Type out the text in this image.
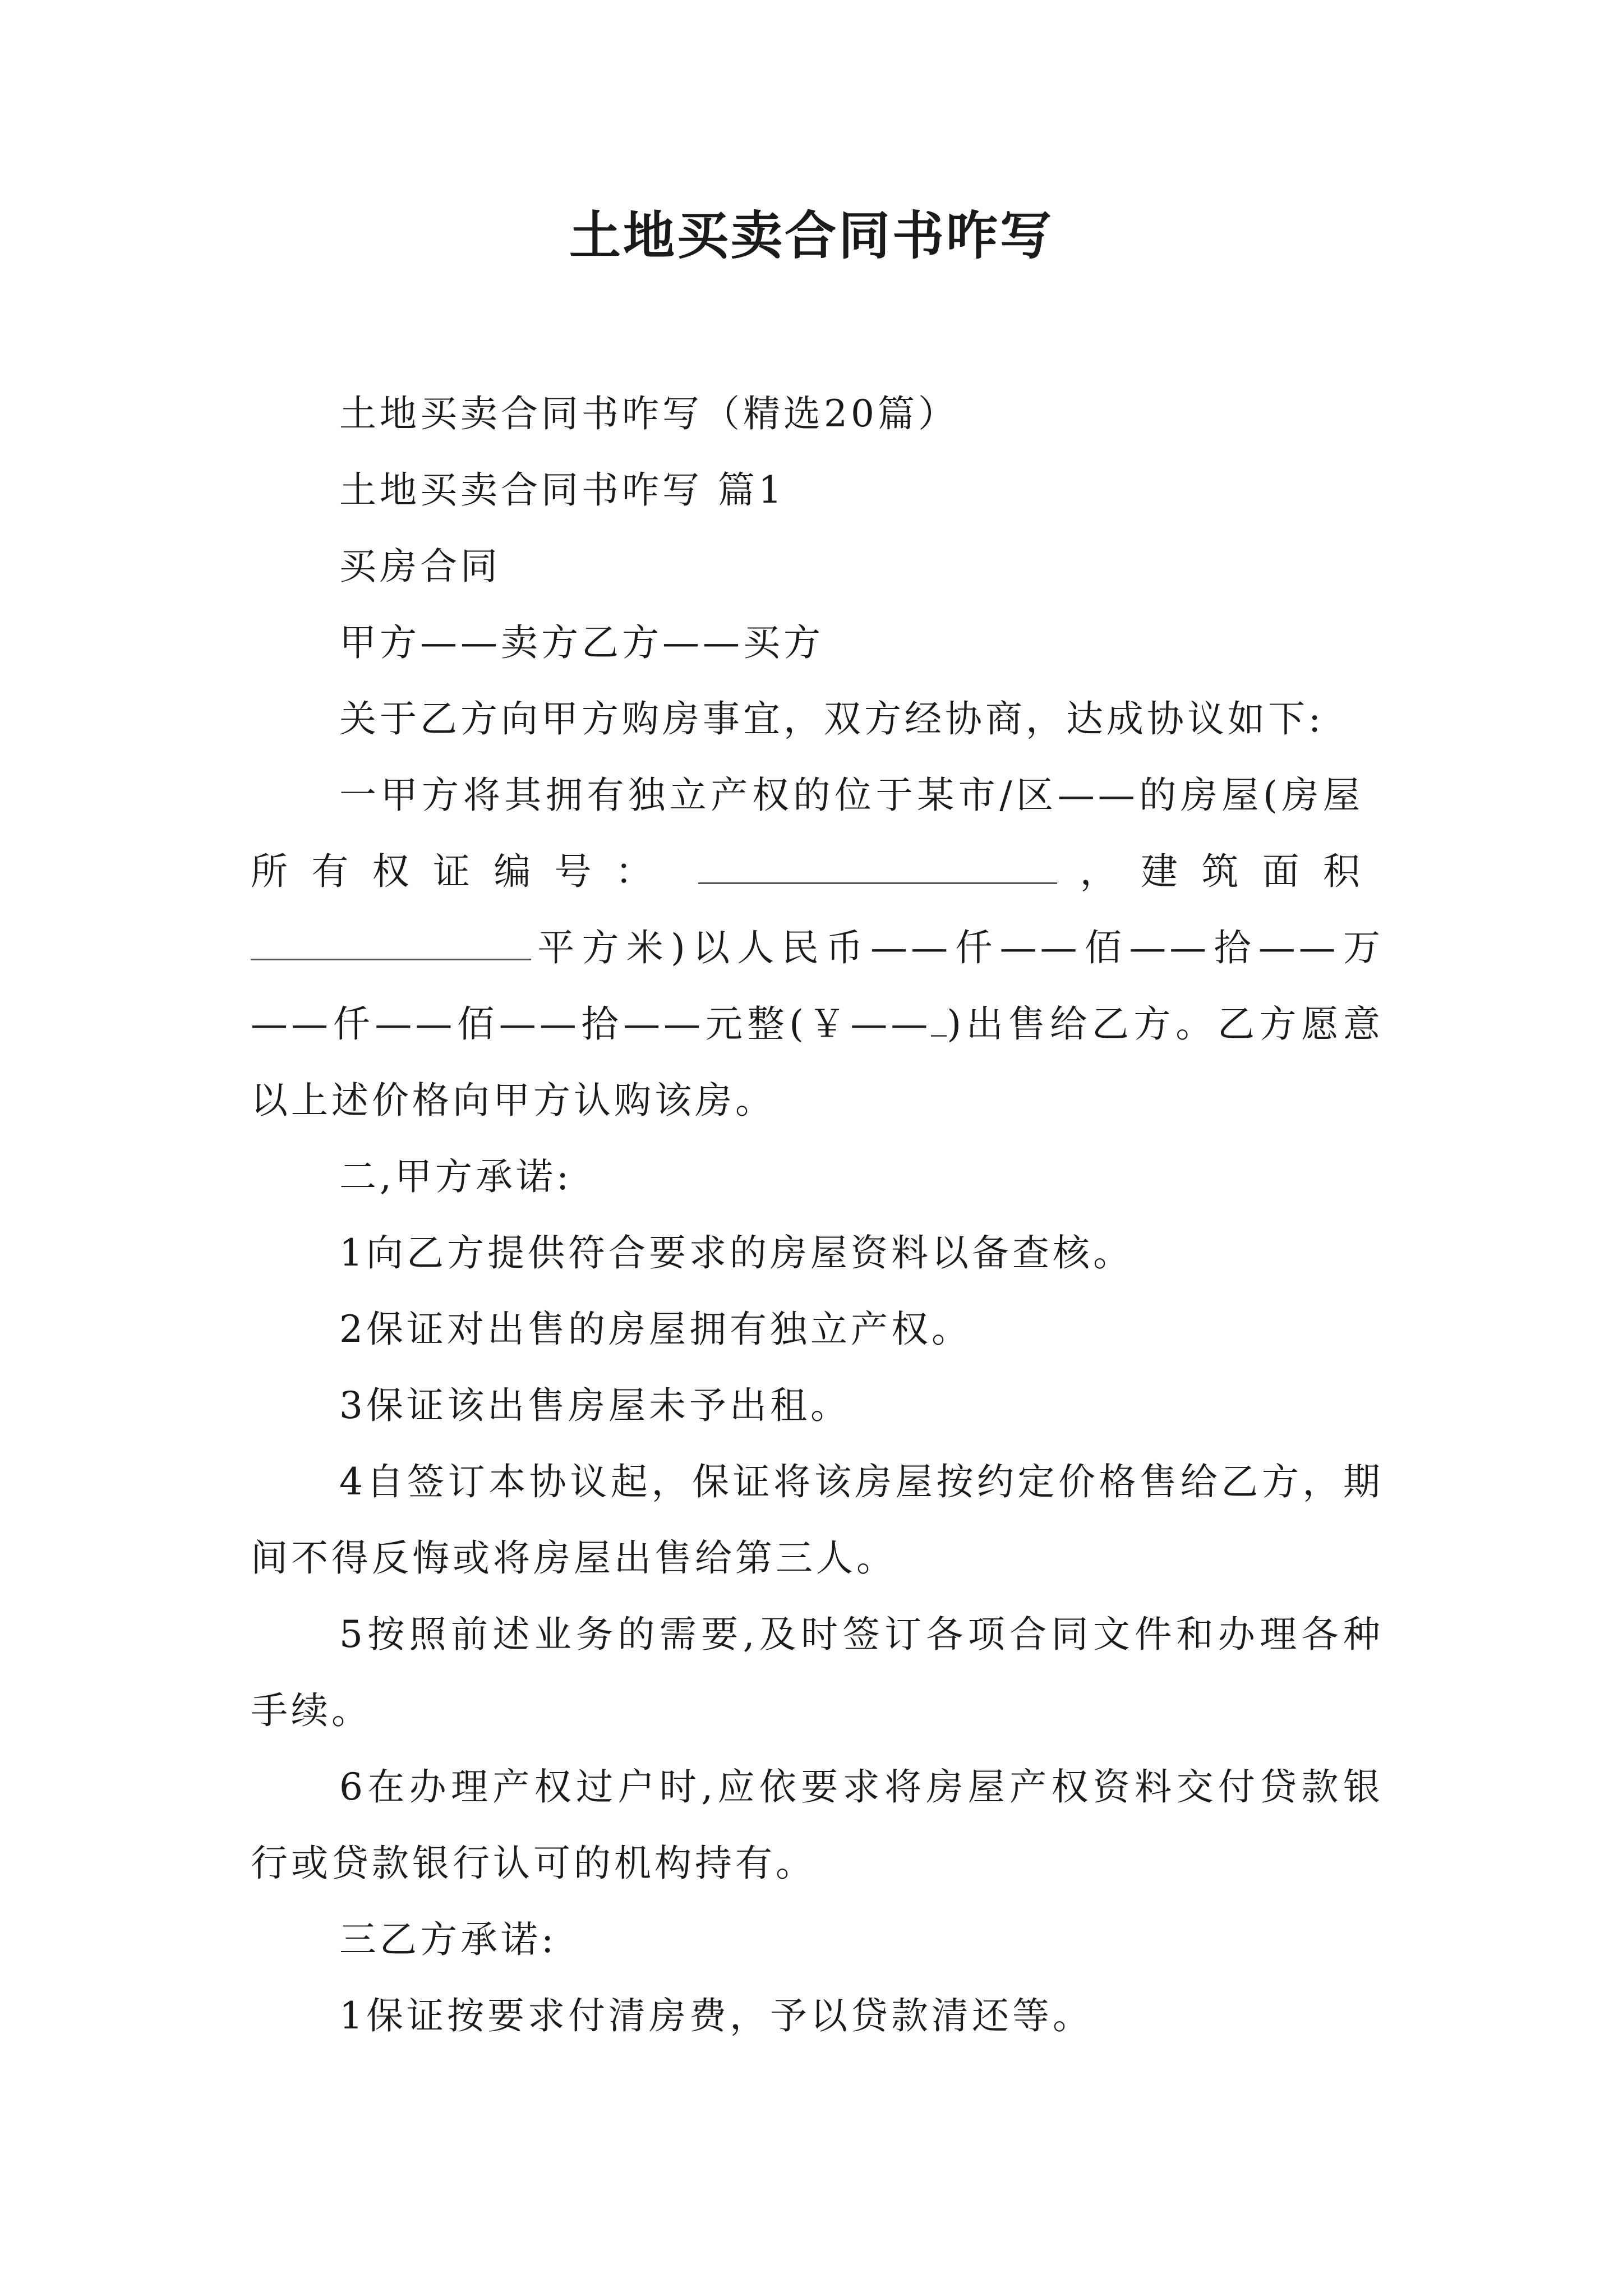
土地买卖合同书咋写

土地买卖合同书咋写（精选20篇）

土地买卖合同书咋写 篇1

买房合同

甲方——卖方乙方——买方

关于乙方向甲方购房事宜，双方经协商，达成协议如下:

一甲方将其拥有独立产权的位于某市/区——的房屋(房屋所有权证编号：	，建筑面积平方米)以人民币——仟——佰——拾——万——仟——佰——拾——元整(￥—— )出售给乙方。乙方愿意以上述价格向甲方认购该房。

二,甲方承诺:

1向乙方提供符合要求的房屋资料以备查核。

2保证对出售的房屋拥有独立产权。

3保证该出售房屋未予出租。

4自签订本协议起，保证将该房屋按约定价格售给乙方，期间不得反悔或将房屋出售给第三人。

5按照前述业务的需要,及时签订各项合同文件和办理各种手续。

6在办理产权过户时,应依要求将房屋产权资料交付贷款银行或贷款银行认可的机构持有。

三乙方承诺:

1保证按要求付清房费，予以贷款清还等。
